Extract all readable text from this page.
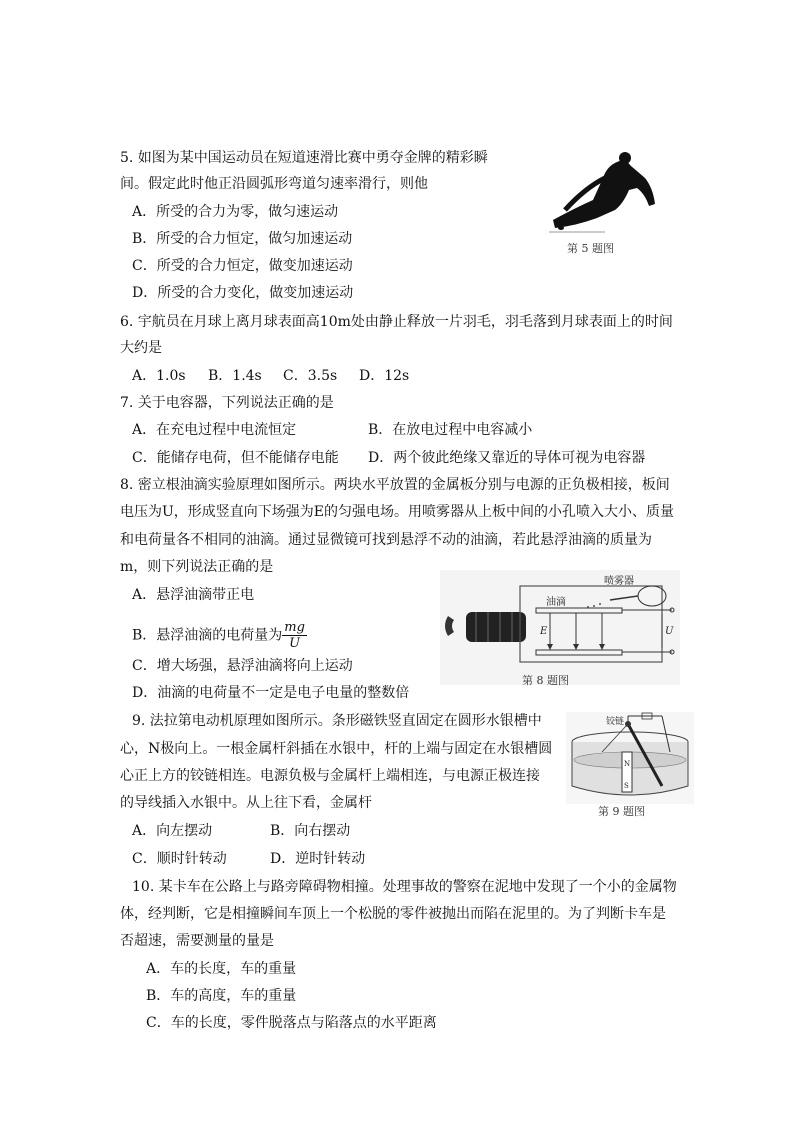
5. 如图为某中国运动员在短道速滑比赛中勇夺金牌的精彩瞬
间。假定此时他正沿圆弧形弯道匀速率滑行，则他
A．所受的合力为零，做匀速运动
B．所受的合力恒定，做匀加速运动
C．所受的合力恒定，做变加速运动
D．所受的合力变化，做变加速运动
第 5 题图
6. 宇航员在月球上离月球表面高10m处由静止释放一片羽毛，羽毛落到月球表面上的时间
大约是
A．1.0s B．1.4s C．3.5s D．12s
7. 关于电容器，下列说法正确的是
A．在充电过程中电流恒定	B．在放电过程中电容减小
C．能储存电荷，但不能储存电能 D．两个彼此绝缘又靠近的导体可视为电容器
8. 密立根油滴实验原理如图所示。两块水平放置的金属板分别与电源的正负极相接，板间
电压为U，形成竖直向下场强为E的匀强电场。用喷雾器从上板中间的小孔喷入大小、质量
和电荷量各不相同的油滴。通过显微镜可找到悬浮不动的油滴，若此悬浮油滴的质量为
m，则下列说法正确的是
A．悬浮油滴带正电
B．悬浮油滴的电荷量为 $\frac{mg}{U}$
C．增大场强，悬浮油滴将向上运动
D．油滴的电荷量不一定是电子电量的整数倍
喷雾器
油滴
E	U
第 8 题图
9. 法拉第电动机原理如图所示。条形磁铁竖直固定在圆形水银槽中
心，N极向上。一根金属杆斜插在水银中，杆的上端与固定在水银槽圆
心正上方的铰链相连。电源负极与金属杆上端相连，与电源正极连接
的导线插入水银中。从上往下看，金属杆
A．向左摆动	B．向右摆动
C．顺时针转动	D．逆时针转动
N
S
铰链
第 9 题图
10. 某卡车在公路上与路旁障碍物相撞。处理事故的警察在泥地中发现了一个小的金属物
体，经判断，它是相撞瞬间车顶上一个松脱的零件被抛出而陷在泥里的。为了判断卡车是
否超速，需要测量的量是
A．车的长度，车的重量
B．车的高度，车的重量
C．车的长度，零件脱落点与陷落点的水平距离
